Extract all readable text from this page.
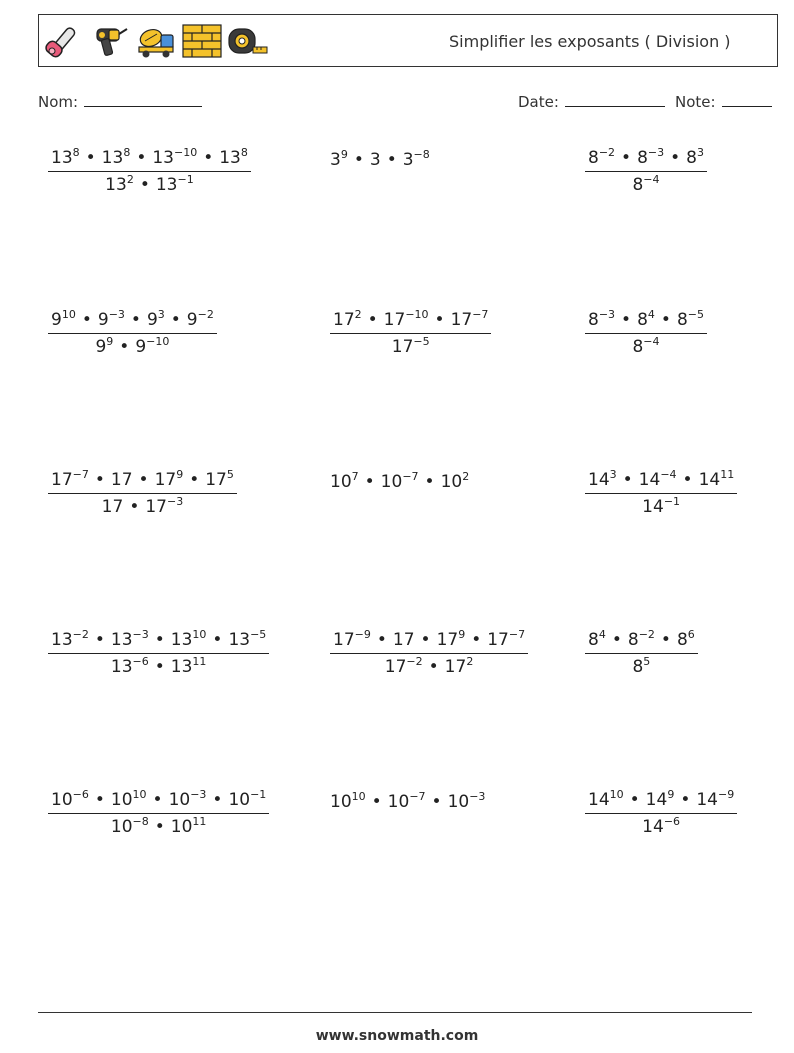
Simplifier les exposants ( Division )
Nom:	Date:	Note:
$\frac{13^8 • 13^8 • 13^{-10} • 13^8}{13^2 • 13^{-1}}$	$3^9$ • 3 • $3^{-8}$	$\frac{8^{-2} • 8^{-3} • 8^3}{8^{-4}}$
$\frac{9^{10} • 9^{-3} • 9^3 • 9^{-2}}{9^9 • 9^{-10}}$	$\frac{17^2 • 17^{-10} • 17^{-7}}{17^{-5}}$	$\frac{8^{-3} • 8^4 • 8^{-5}}{8^{-4}}$
$\frac{17^{-7} • 17 • 17^9 • 17^5}{17 • 17^{-3}}$	$10^7$ • $10^{-7}$ • $10^2$	$\frac{14^3 • 14^{-4} • 14^{11}}{14^{-1}}$
$\frac{13^{-2} • 13^{-3} • 13^{10} • 13^{-5}}{13^{-6} • 13^{11}}$	$\frac{17^{-9} • 17 • 17^9 • 17^{-7}}{17^{-2} • 17^2}$	$\frac{8^4 • 8^{-2} • 8^6}{8^5}$
$\frac{10^{-6} • 10^{10} • 10^{-3} • 10^{-1}}{10^{-8} • 10^{11}}$	$10^{10}$ • $10^{-7}$ • $10^{-3}$	$\frac{14^{10} • 14^9 • 14^{-9}}{14^{-6}}$
www.snowmath.com
